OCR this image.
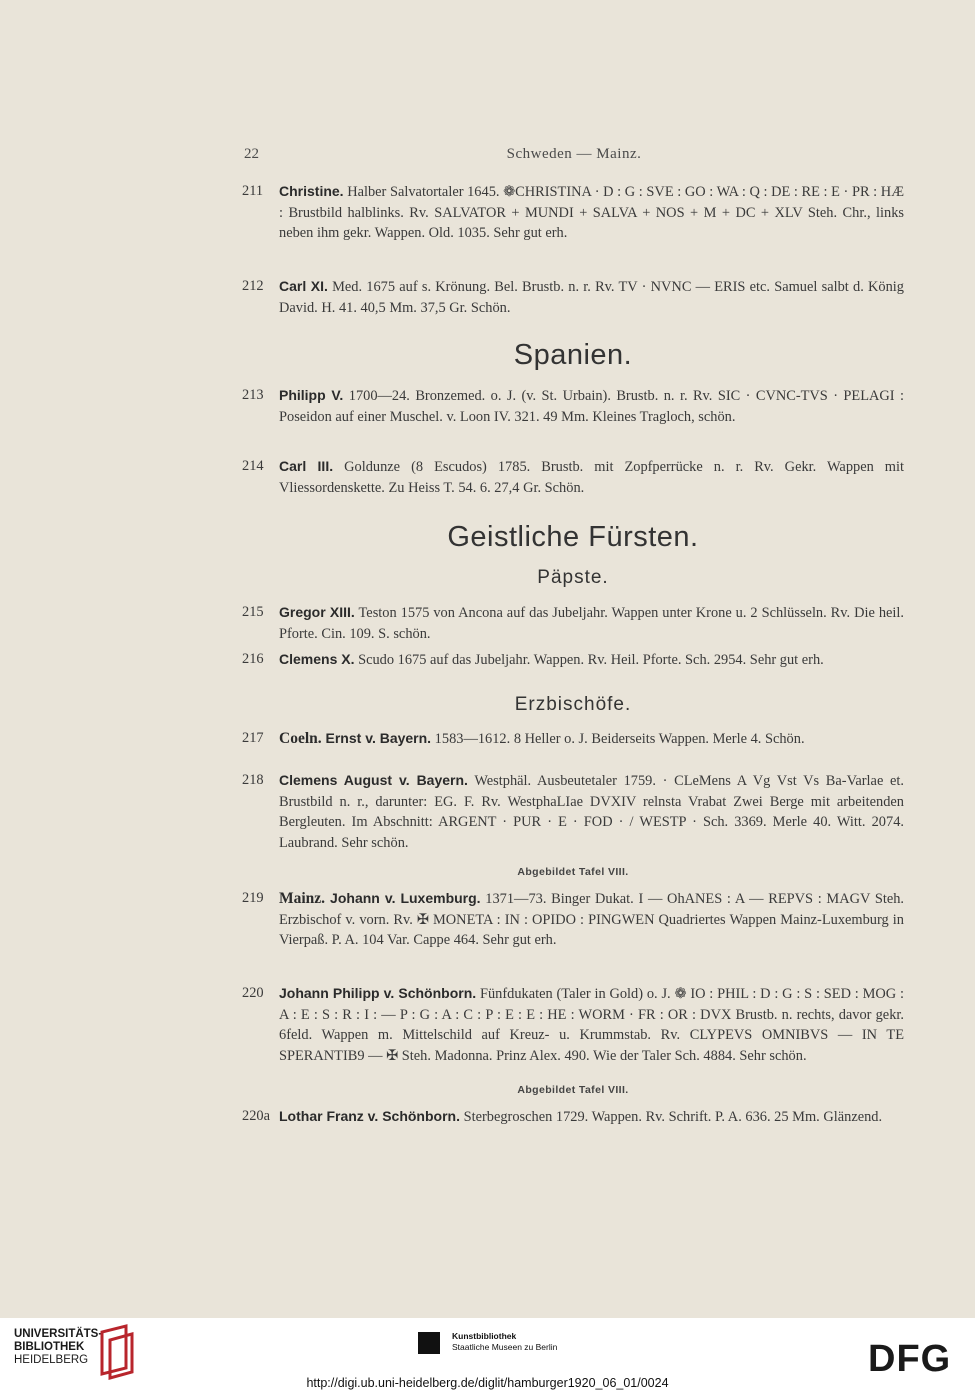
22	Schweden — Mainz.
211	Christine. Halber Salvatortaler 1645. ❁CHRISTINA · D : G : SVE : GO : WA : Q : DE : RE : E · PR : HÆ : Brustbild halblinks. Rv. SALVATOR + MUNDI + SALVA + NOS + M + DC + XLV Steh. Chr., links neben ihm gekr. Wappen. Old. 1035. Sehr gut erh.
212	Carl XI. Med. 1675 auf s. Krönung. Bel. Brustb. n. r. Rv. TV · NVNC — ERIS etc. Samuel salbt d. König David. H. 41. 40,5 Mm. 37,5 Gr. Schön.
Spanien.
213	Philipp V. 1700—24. Bronzemed. o. J. (v. St. Urbain). Brustb. n. r. Rv. SIC · CVNC-TVS · PELAGI : Poseidon auf einer Muschel. v. Loon IV. 321. 49 Mm. Kleines Tragloch, schön.
214	Carl III. Goldunze (8 Escudos) 1785. Brustb. mit Zopfperrücke n. r. Rv. Gekr. Wappen mit Vliessordenskette. Zu Heiss T. 54. 6. 27,4 Gr. Schön.
Geistliche Fürsten.
Päpste.
215	Gregor XIII. Teston 1575 von Ancona auf das Jubeljahr. Wappen unter Krone u. 2 Schlüsseln. Rv. Die heil. Pforte. Cin. 109. S. schön.
216	Clemens X. Scudo 1675 auf das Jubeljahr. Wappen. Rv. Heil. Pforte. Sch. 2954. Sehr gut erh.
Erzbischöfe.
217 Coeln. Ernst v. Bayern. 1583—1612. 8 Heller o. J. Beiderseits Wappen. Merle 4. Schön.
218	Clemens August v. Bayern. Westphäl. Ausbeutetaler 1759. · CLeMens A Vg Vst Vs Ba-Varlae et. Brustbild n. r., darunter: EG. F. Rv. WestphaLIae DVXIV relnsta Vrabat Zwei Berge mit arbeitenden Bergleuten. Im Abschnitt: ARGENT · PUR · E · FOD · / WESTP · Sch. 3369. Merle 40. Witt. 2074. Laubrand. Sehr schön.
Abgebildet Tafel VIII.
219 Mainz. Johann v. Luxemburg. 1371—73. Binger Dukat. I — OhANES : A — REPVS : MAGV Steh. Erzbischof v. vorn. Rv. ✠ MONETA : IN : OPIDO : PINGWEN Quadriertes Wappen Mainz-Luxemburg in Vierpaß. P. A. 104 Var. Cappe 464. Sehr gut erh.
220	Johann Philipp v. Schönborn. Fünfdukaten (Taler in Gold) o. J. ❁ IO : PHIL : D : G : S : SED : MOG : A : E : S : R : I : — P : G : A : C : P : E : E : HE : WORM · FR : OR : DVX Brustb. n. rechts, davor gekr. 6feld. Wappen m. Mittelschild auf Kreuz- u. Krummstab. Rv. CLYPEVS OMNIBVS — IN TE SPERANTIB9 — ✠ Steh. Madonna. Prinz Alex. 490. Wie der Taler Sch. 4884. Sehr schön.
Abgebildet Tafel VIII.
220a Lothar Franz v. Schönborn. Sterbegroschen 1729. Wappen. Rv. Schrift. P. A. 636. 25 Mm. Glänzend.
UNIVERSITÄTS-
BIBLIOTHEK
HEIDELBERG
Kunstbibliothek
Staatliche Museen zu Berlin	DFG
http://digi.ub.uni-heidelberg.de/diglit/hamburger1920_06_01/0024
